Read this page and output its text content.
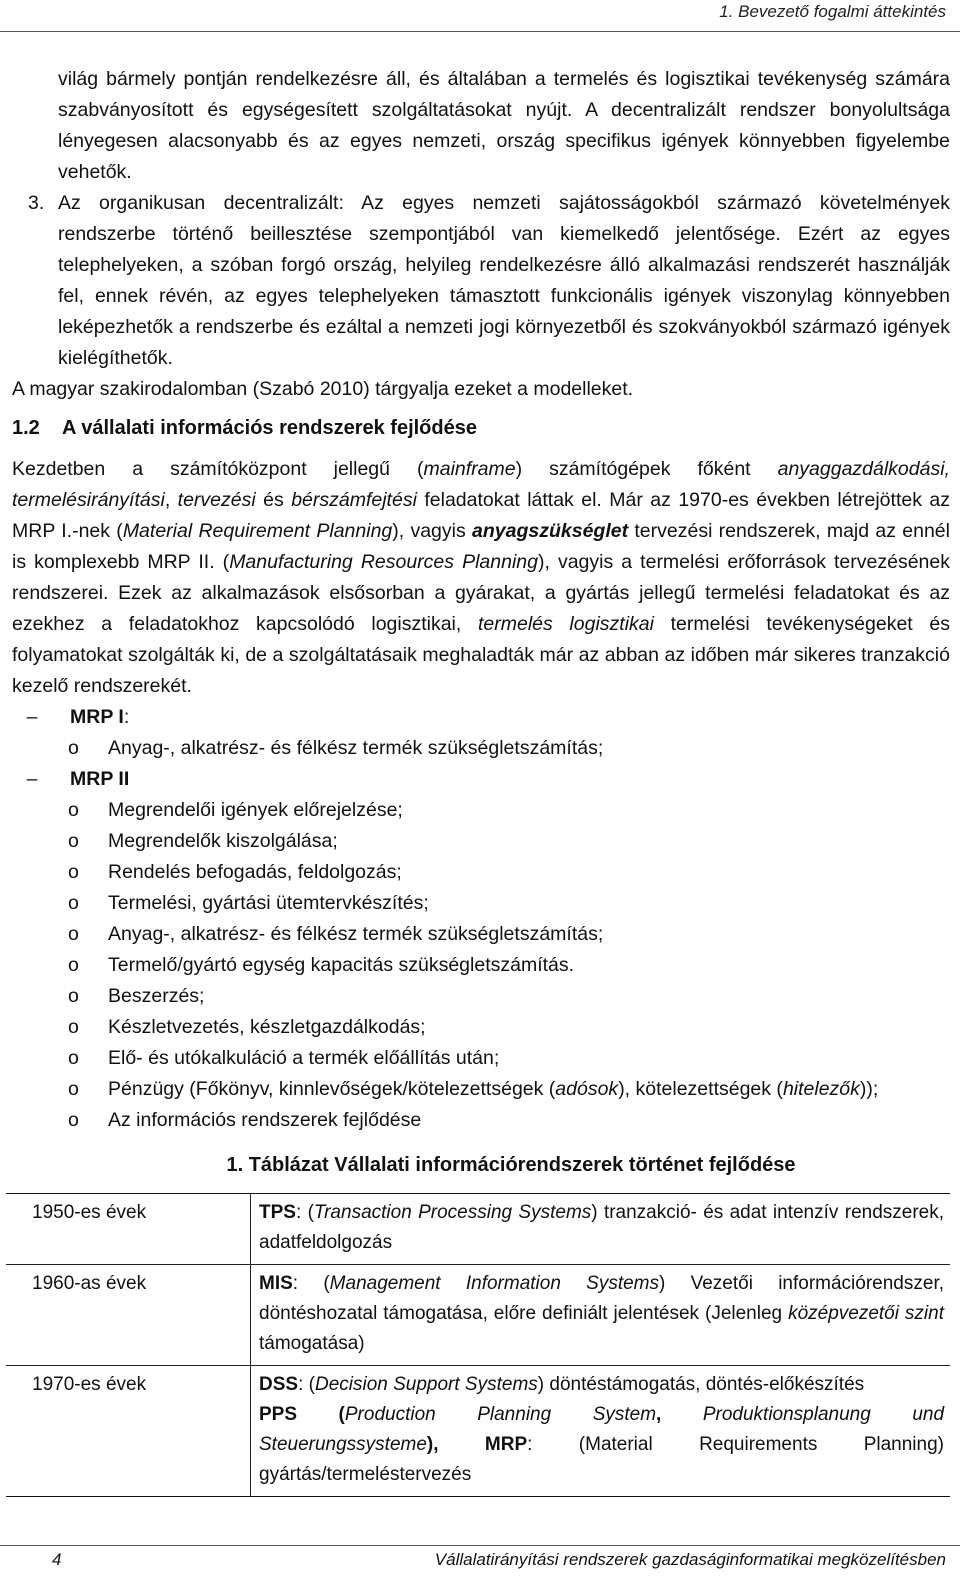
1. Bevezető fogalmi áttekintés

világ bármely pontján rendelkezésre áll, és általában a termelés és logisztikai tevékenység számára szabványosított és egységesített szolgáltatásokat nyújt. A decentralizált rendszer bonyolultsága lényegesen alacsonyabb és az egyes nemzeti, ország specifikus igények könnyebben figyelembe vehetők.

3. Az organikusan decentralizált: Az egyes nemzeti sajátosságokból származó követelmények rendszerbe történő beillesztése szempontjából van kiemelkedő jelentősége. Ezért az egyes telephelyeken, a szóban forgó ország, helyileg rendelkezésre álló alkalmazási rendszerét használják fel, ennek révén, az egyes telephelyeken támasztott funkcionális igények viszonylag könnyebben leképezhetők a rendszerbe és ezáltal a nemzeti jogi környezetből és szokványokból származó igények kielégíthetők.

A magyar szakirodalomban (Szabó 2010) tárgyalja ezeket a modelleket.

1.2	A vállalati információs rendszerek fejlődése

Kezdetben a számítóközpont jellegű (mainframe) számítógépek főként anyaggazdálkodási, termelésirányítási, tervezési és bérszámfejtési feladatokat láttak el. Már az 1970-es években létrejöttek az MRP I.-nek (Material Requirement Planning), vagyis anyagszükséglet tervezési rendszerek, majd az ennél is komplexebb MRP II. (Manufacturing Resources Planning), vagyis a termelési erőforrások tervezésének rendszerei. Ezek az alkalmazások elsősorban a gyárakat, a gyártás jellegű termelési feladatokat és az ezekhez a feladatokhoz kapcsolódó logisztikai, termelés logisztikai termelési tevékenységeket és folyamatokat szolgálták ki, de a szolgáltatásaik meghaladták már az abban az időben már sikeres tranzakció kezelő rendszerekét.

‒	MRP I:
o Anyag-, alkatrész- és félkész termék szükségletszámítás;
‒	MRP II
o Megrendelői igények előrejelzése;
o Megrendelők kiszolgálása;
o Rendelés befogadás, feldolgozás;
o Termelési, gyártási ütemtervkészítés;
o Anyag-, alkatrész- és félkész termék szükségletszámítás;
o Termelő/gyártó egység kapacitás szükségletszámítás.
o Beszerzés;
o Készletvezetés, készletgazdálkodás;
o Elő- és utókalkuláció a termék előállítás után;
o Pénzügy (Főkönyv, kinnlevőségek/kötelezettségek (adósok), kötelezettségek (hitelezők));
o Az információs rendszerek fejlődése
1. Táblázat Vállalati információrendszerek történet fejlődése
1950-es évek	TPS: (Transaction Processing Systems) tranzakció- és adat intenzív rendszerek, adatfeldolgozás
1960-as évek	MIS: (Management Information Systems) Vezetői információrendszer, döntéshozatal támogatása, előre definiált jelentések (Jelenleg középvezetői szint támogatása)
1970-es évek	DSS: (Decision Support Systems) döntéstámogatás, döntés-előkészítés
PPS (Production Planning System, Produktionsplanung und Steuerungssysteme), MRP: (Material Requirements Planning) gyártás/termeléstervezés
4	Vállalatirányítási rendszerek gazdaságinformatikai megközelítésben
